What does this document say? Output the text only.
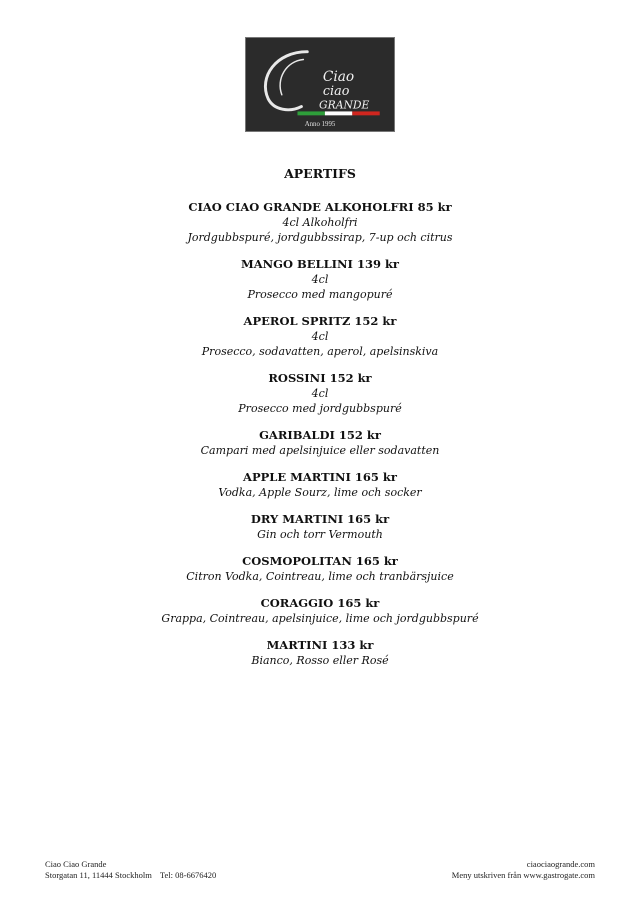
Ciao
ciao
GRANDE
Anno 1995
APERTIFS
CIAO CIAO GRANDE ALKOHOLFRI 85 kr
4cl Alkoholfri
Jordgubbspuré, jordgubbssirap, 7-up och citrus
MANGO BELLINI 139 kr
4cl
Prosecco med mangopuré
APEROL SPRITZ 152 kr
4cl
Prosecco, sodavatten, aperol, apelsinskiva
ROSSINI 152 kr
4cl
Prosecco med jordgubbspuré
GARIBALDI 152 kr
Campari med apelsinjuice eller sodavatten
APPLE MARTINI 165 kr
Vodka, Apple Sourz, lime och socker
DRY MARTINI 165 kr
Gin och torr Vermouth
COSMOPOLITAN 165 kr
Citron Vodka, Cointreau, lime och tranbärsjuice
CORAGGIO 165 kr
Grappa, Cointreau, apelsinjuice, lime och jordgubbspuré
MARTINI 133 kr
Bianco, Rosso eller Rosé
Ciao Ciao Grande
Storgatan 11, 11444 Stockholm Tel: 08-6676420
ciaociaogrande.com
Meny utskriven från www.gastrogate.com
